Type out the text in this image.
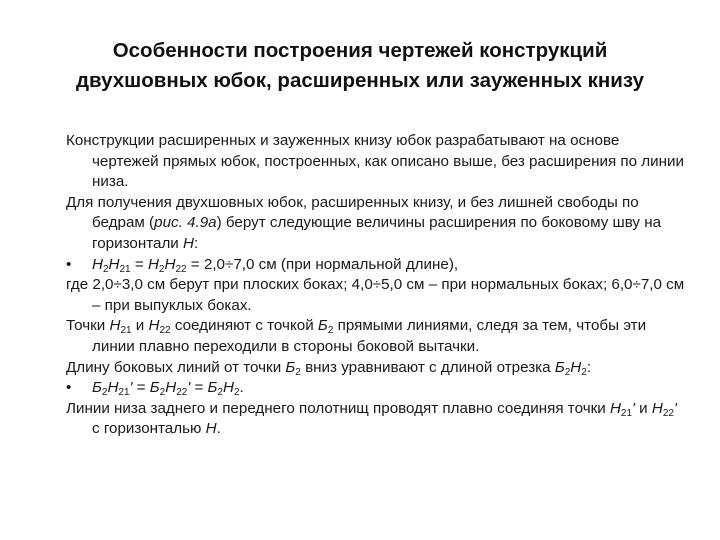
Особенности построения чертежей конструкций
двухшовных юбок, расширенных или зауженных книзу

Конструкции расширенных и зауженных книзу юбок разрабатывают на основе чертежей прямых юбок, построенных, как описано выше, без расширения по линии низа.

Для получения двухшовных юбок, расширенных книзу, и без лишней свободы по бедрам (рис. 4.9а) берут следующие величины расширения по боковому шву на горизонтали Н:

• $Н_2Н_{21} = Н_2Н_{22} = 2,0\div 7,0$ см (при нормальной длине),

где 2,0÷3,0 см берут при плоских боках; 4,0÷5,0 см – при нормальных боках; 6,0÷7,0 см – при выпуклых боках.

Точки $Н_{21}$ и $Н_{22}$ соединяют с точкой $Б_2$ прямыми линиями, следя за тем, чтобы эти линии плавно переходили в стороны боковой вытачки.

Длину боковых линий от точки $Б_2$ вниз уравнивают с длиной отрезка $Б_2Н_2$:

• $Б_2Н_{21}' = Б_2Н_{22}' = Б_2Н_2$.

Линии низа заднего и переднего полотнищ проводят плавно соединяя точки $Н_{21}'$ и $Н_{22}'$ с горизонталью Н.
